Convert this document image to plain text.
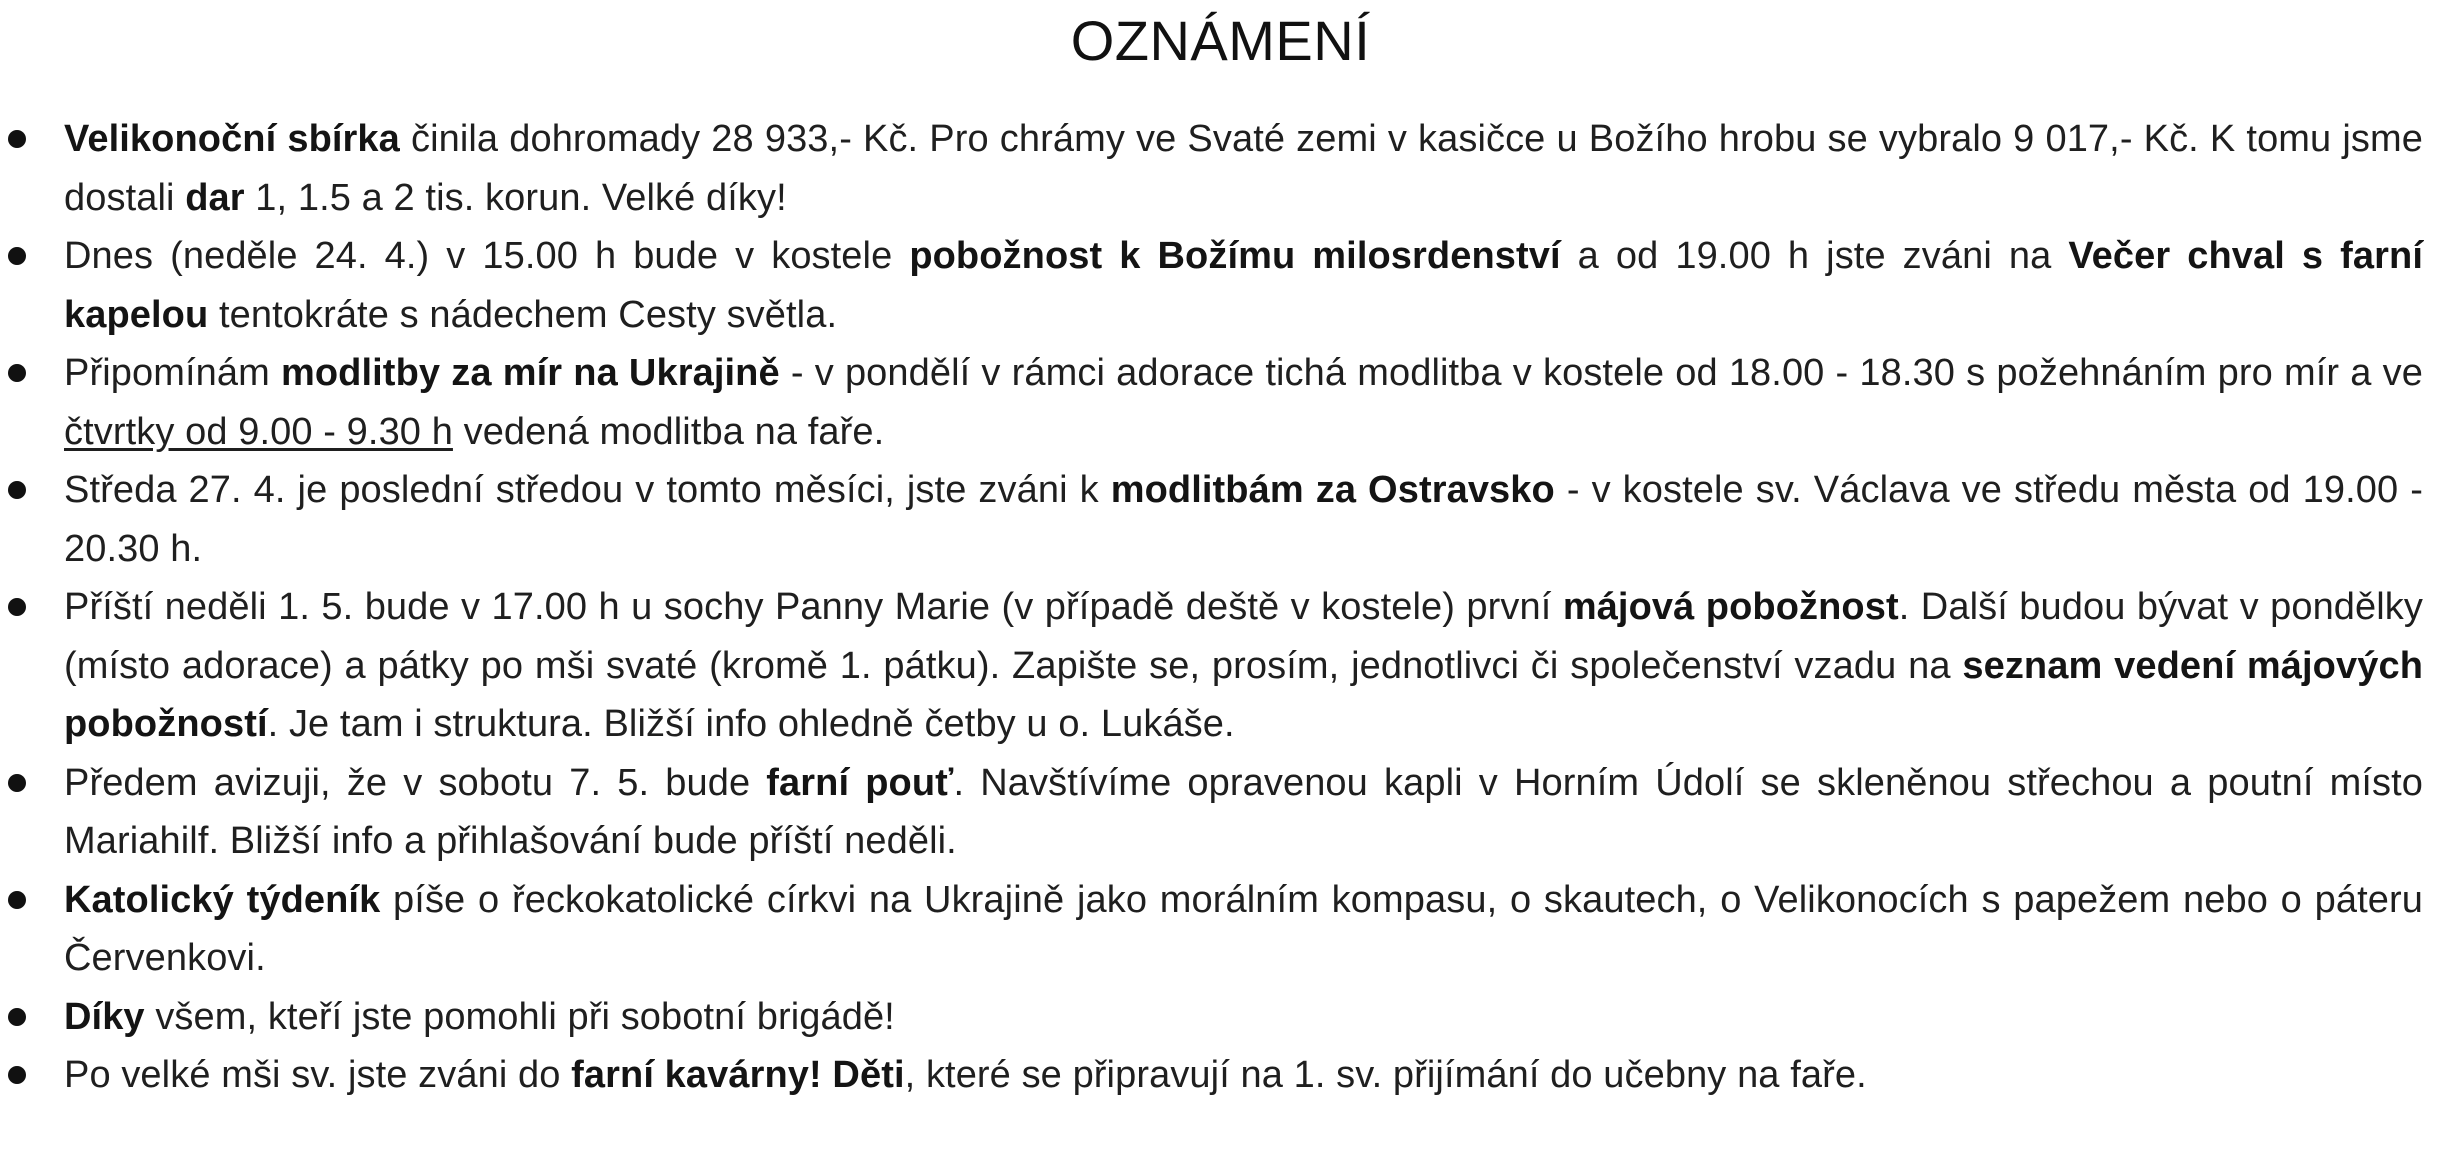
OZNÁMENÍ
Velikonoční sbírka činila dohromady 28 933,- Kč. Pro chrámy ve Svaté zemi v kasičce u Božího hrobu se vybralo 9 017,- Kč. K tomu jsme dostali dar 1, 1.5 a 2 tis. korun. Velké díky!
Dnes (neděle 24. 4.) v 15.00 h bude v kostele pobožnost k Božímu milosrdenství a od 19.00 h jste zváni na Večer chval s farní kapelou tentokráte s nádechem Cesty světla.
Připomínám modlitby za mír na Ukrajině - v pondělí v rámci adorace tichá modlitba v kostele od 18.00 - 18.30 s požehnáním pro mír a ve čtvrtky od 9.00 - 9.30 h vedená modlitba na faře.
Středa 27. 4. je poslední středou v tomto měsíci, jste zváni k modlitbám za Ostravsko - v kostele sv. Václava ve středu města od 19.00 - 20.30 h.
Příští neděli 1. 5. bude v 17.00 h u sochy Panny Marie (v případě deště v kostele) první májová pobožnost. Další budou bývat v pondělky (místo adorace) a pátky po mši svaté (kromě 1. pátku). Zapište se, prosím, jednotlivci či společenství vzadu na seznam vedení májových pobožností. Je tam i struktura. Bližší info ohledně četby u o. Lukáše.
Předem avizuji, že v sobotu 7. 5. bude farní pouť. Navštívíme opravenou kapli v Horním Údolí se skleněnou střechou a poutní místo Mariahilf. Bližší info a přihlašování bude příští neděli.
Katolický týdeník píše o řeckokatolické církvi na Ukrajině jako morálním kompasu, o skautech, o Velikonocích s papežem nebo o páteru Červenkovi.
Díky všem, kteří jste pomohli při sobotní brigádě!
Po velké mši sv. jste zváni do farní kavárny! Děti, které se připravují na 1. sv. přijímání do učebny na faře.
